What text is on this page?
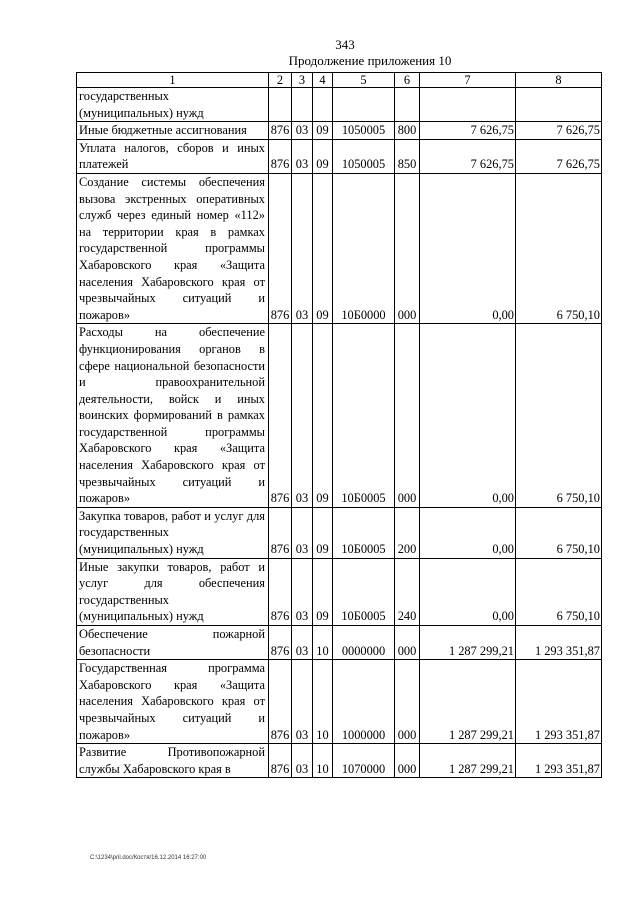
343
Продолжение приложения 10
1	2	3	4	5	6	7	8
государственных (муниципальных) нужд							
Иные бюджетные ассигнования	876	03	09	1050005	800	7 626,75	7 626,75
Уплата налогов, сборов и иных платежей	876	03	09	1050005	850	7 626,75	7 626,75
Создание системы обеспечения вызова экстренных оперативных служб через единый номер «112» на территории края в рамках государственной программы Хабаровского края «Защита населения Хабаровского края от чрезвычайных ситуаций и пожаров»	876	03	09	10Б0000	000	0,00	6 750,10
Расходы на обеспечение функционирования органов в сфере национальной безопасности и правоохранительной деятельности, войск и иных воинских формирований в рамках государственной программы Хабаровского края «Защита населения Хабаровского края от чрезвычайных ситуаций и пожаров»	876	03	09	10Б0005	000	0,00	6 750,10
Закупка товаров, работ и услуг для государственных (муниципальных) нужд	876	03	09	10Б0005	200	0,00	6 750,10
Иные закупки товаров, работ и услуг для обеспечения государственных (муниципальных) нужд	876	03	09	10Б0005	240	0,00	6 750,10
Обеспечение пожарной безопасности	876	03	10	0000000	000	1 287 299,21	1 293 351,87
Государственная программа Хабаровского края «Защита населения Хабаровского края от чрезвычайных ситуаций и пожаров»	876	03	10	1000000	000	1 287 299,21	1 293 351,87
Развитие Противопожарной службы Хабаровского края в	876	03	10	1070000	000	1 287 299,21	1 293 351,87
C:\1234\pril.doc/Костя/16.12.2014 16:27:00
